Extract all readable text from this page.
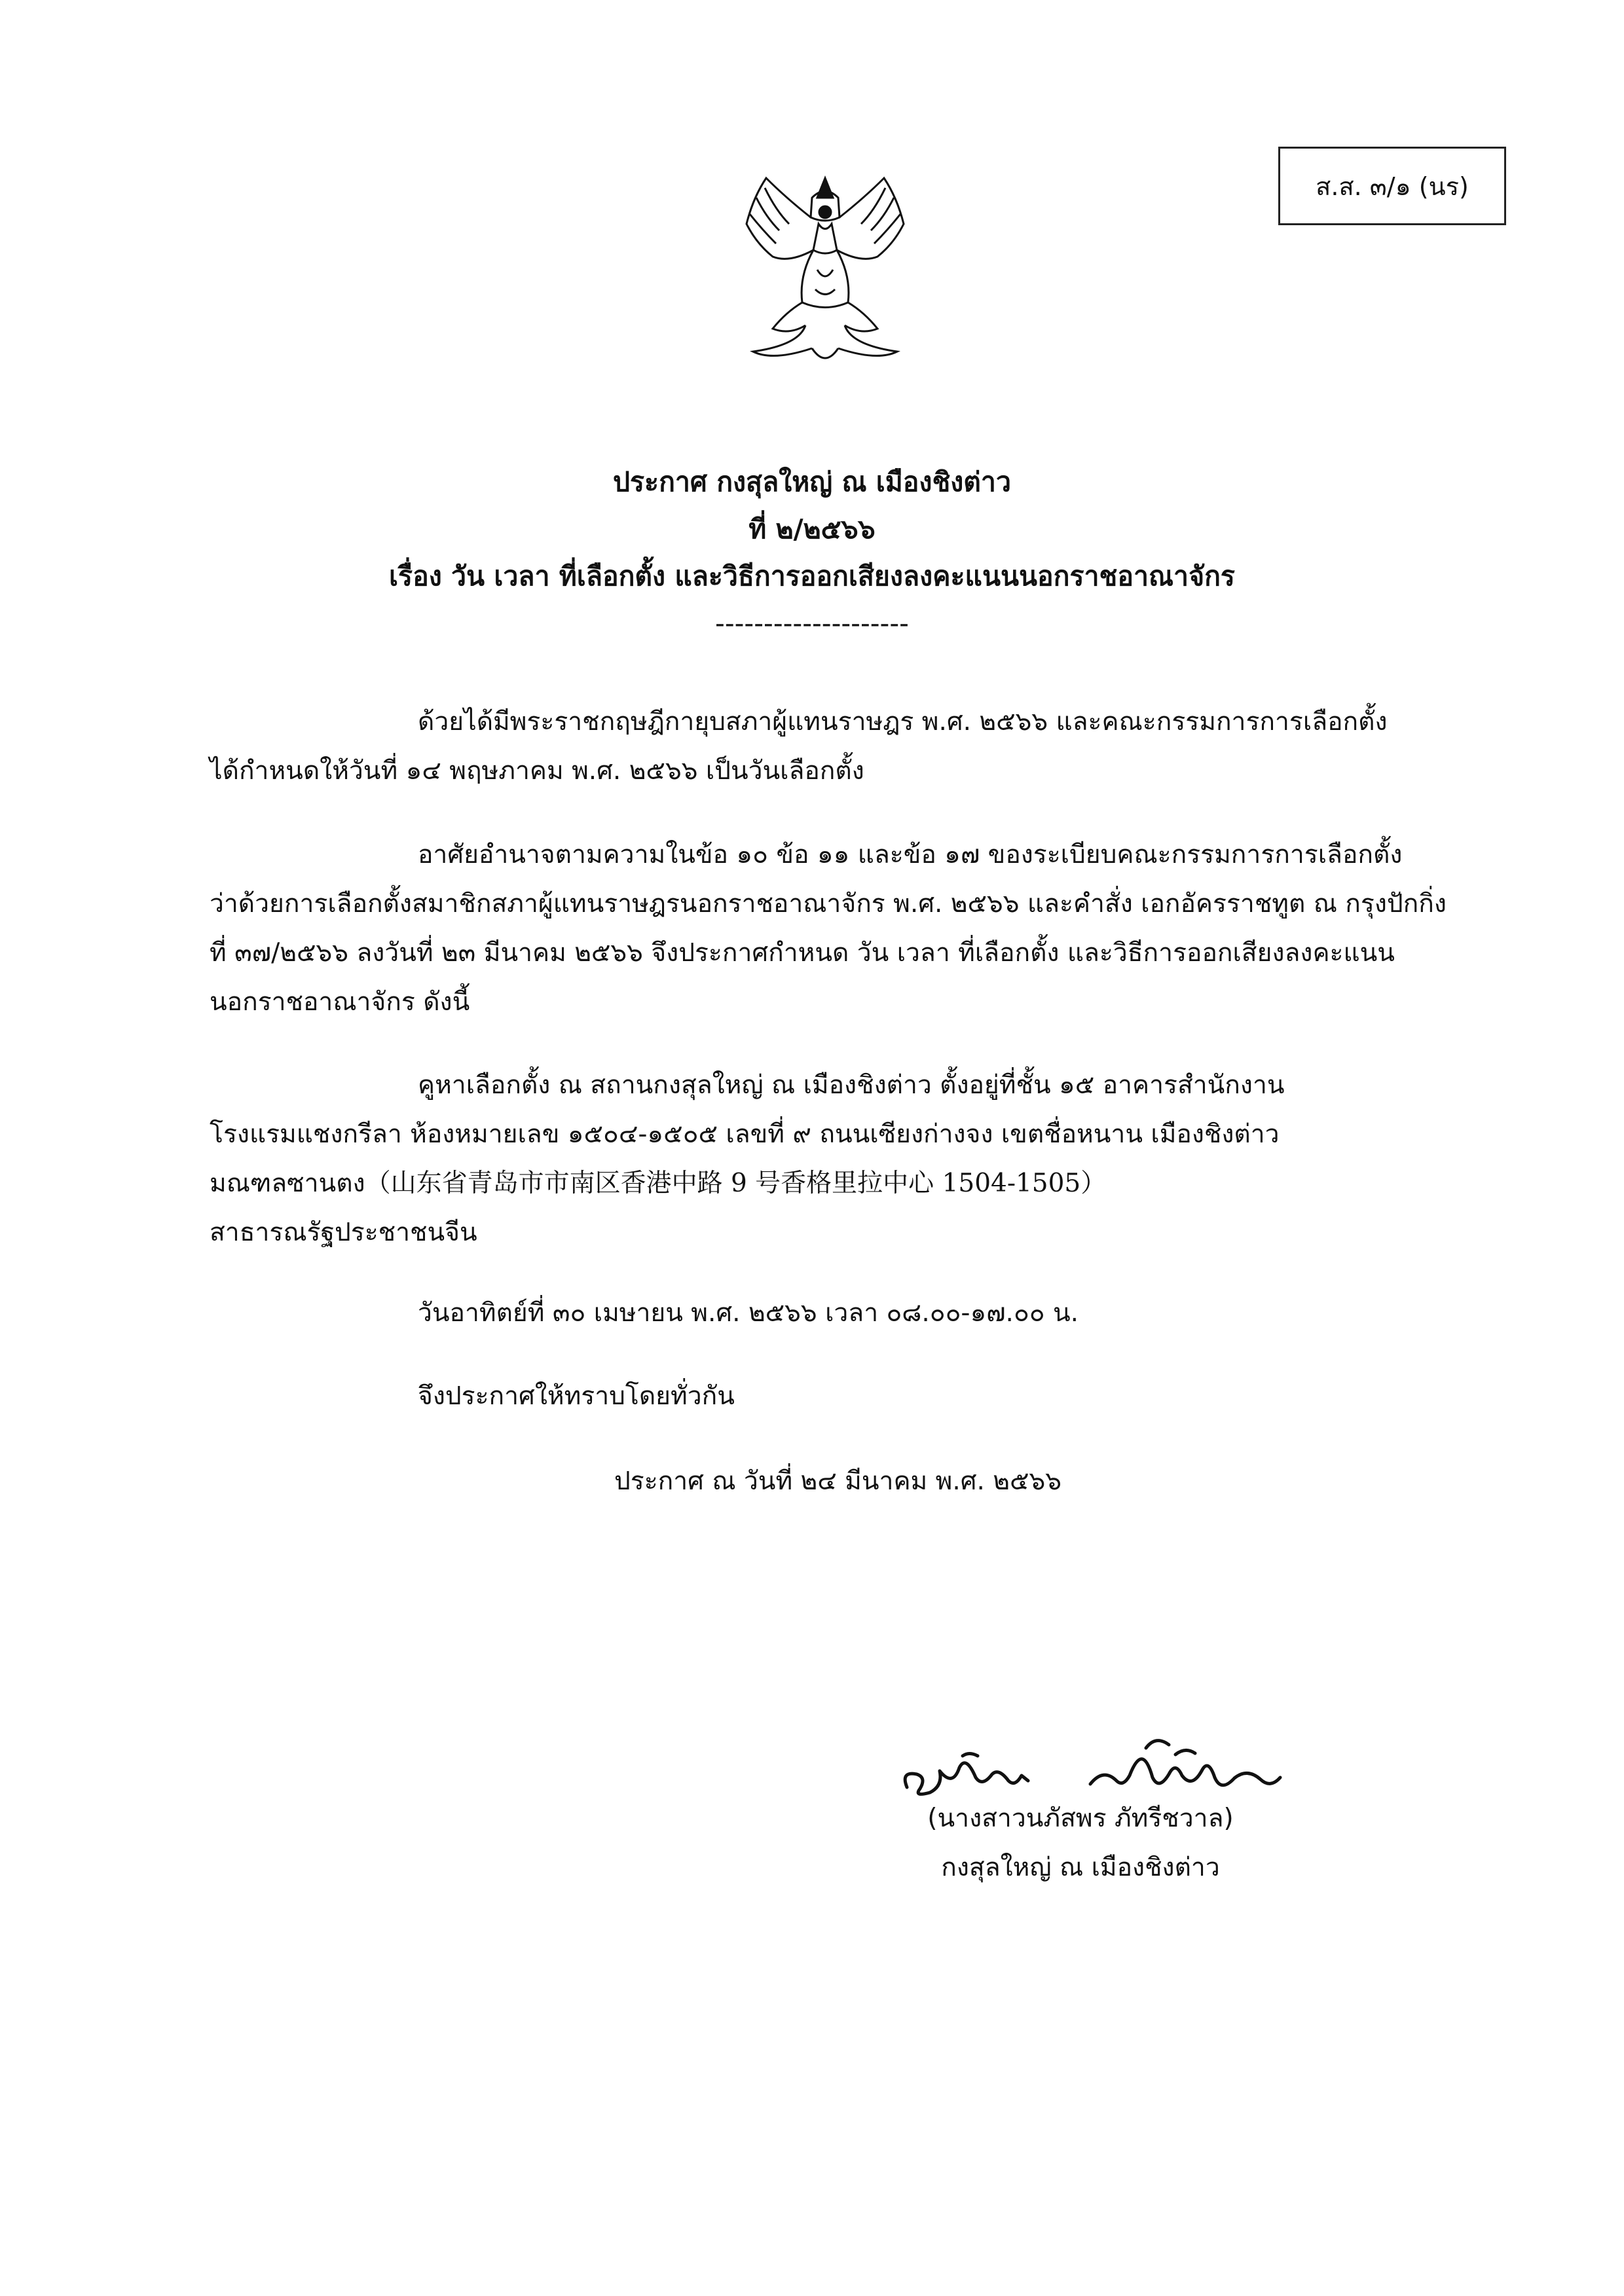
ส.ส. ๓/๑ (นร)
ประกาศ กงสุลใหญ่ ณ เมืองชิงต่าว
ที่ ๒/๒๕๖๖
เรื่อง วัน เวลา ที่เลือกตั้ง และวิธีการออกเสียงลงคะแนนนอกราชอาณาจักร
--------------------
ด้วยได้มีพระราชกฤษฎีกายุบสภาผู้แทนราษฎร พ.ศ. ๒๕๖๖ และคณะกรรมการการเลือกตั้ง
ได้กำหนดให้วันที่ ๑๔ พฤษภาคม พ.ศ. ๒๕๖๖ เป็นวันเลือกตั้ง
อาศัยอำนาจตามความในข้อ ๑๐ ข้อ ๑๑ และข้อ ๑๗ ของระเบียบคณะกรรมการการเลือกตั้ง
ว่าด้วยการเลือกตั้งสมาชิกสภาผู้แทนราษฎรนอกราชอาณาจักร พ.ศ. ๒๕๖๖ และคำสั่ง เอกอัครราชทูต ณ กรุงปักกิ่ง
ที่ ๓๗/๒๕๖๖ ลงวันที่ ๒๓ มีนาคม ๒๕๖๖ จึงประกาศกำหนด วัน เวลา ที่เลือกตั้ง และวิธีการออกเสียงลงคะแนน
นอกราชอาณาจักร ดังนี้
คูหาเลือกตั้ง ณ สถานกงสุลใหญ่ ณ เมืองชิงต่าว ตั้งอยู่ที่ชั้น ๑๕ อาคารสำนักงาน
โรงแรมแชงกรีลา ห้องหมายเลข ๑๕๐๔-๑๕๐๕ เลขที่ ๙ ถนนเซียงก่างจง เขตชื่อหนาน เมืองชิงต่าว
มณฑลซานตง（山东省青岛市市南区香港中路 9 号香格里拉中心 1504-1505）
สาธารณรัฐประชาชนจีน
วันอาทิตย์ที่ ๓๐ เมษายน พ.ศ. ๒๕๖๖ เวลา ๐๘.๐๐-๑๗.๐๐ น.
จึงประกาศให้ทราบโดยทั่วกัน
ประกาศ ณ วันที่ ๒๔ มีนาคม พ.ศ. ๒๕๖๖
(นางสาวนภัสพร ภัทรีชวาล)
กงสุลใหญ่ ณ เมืองชิงต่าว
